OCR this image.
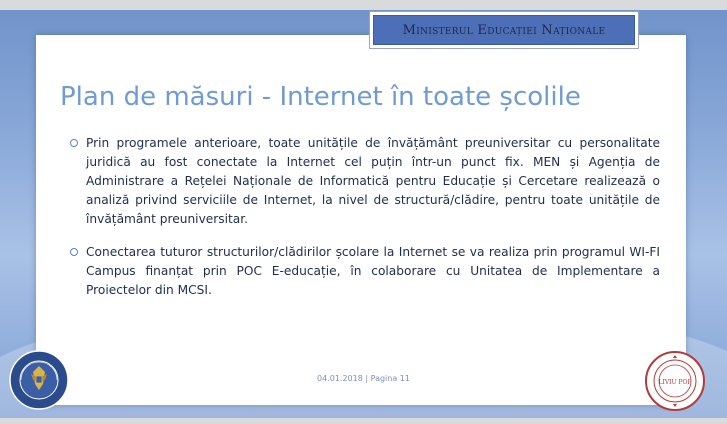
Ministerul Educației Naționale
Plan de măsuri - Internet în toate școlile
Prin programele anterioare, toate unitățile de învățământ preuniversitar cu personalitate juridică au fost conectate la Internet cel puțin într-un punct fix. MEN și Agenția de Administrare a Rețelei Naționale de Informatică pentru Educație și Cercetare realizează o analiză privind serviciile de Internet, la nivel de structură/clădire, pentru toate unitățile de învățământ preuniversitar.
Conectarea tuturor structurilor/clădirilor școlare la Internet se va realiza prin programul WI-FI Campus finanțat prin POC E-educație, în colaborare cu Unitatea de Implementare a Proiectelor din MCSI.
04.01.2018 | Pagina 11	LIVIU POP
